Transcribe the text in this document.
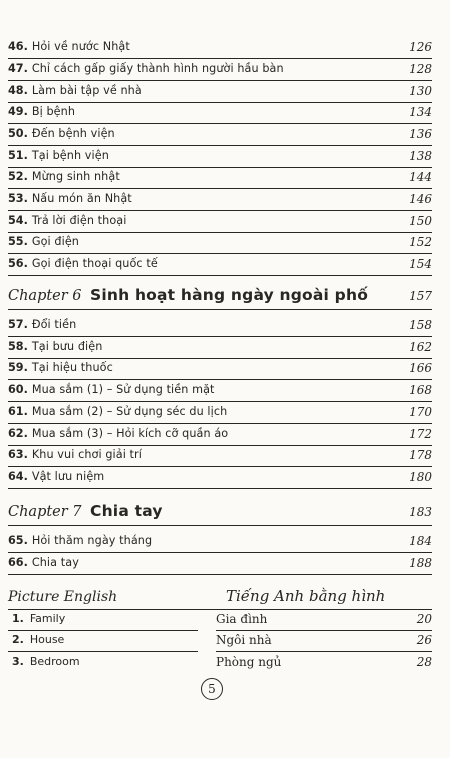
46. Hỏi về nước Nhật	126
47. Chỉ cách gấp giấy thành hình người hầu bàn	128
48. Làm bài tập về nhà	130
49. Bị bệnh	134
50. Đến bệnh viện	136
51. Tại bệnh viện	138
52. Mừng sinh nhật	144
53. Nấu món ăn Nhật	146
54. Trả lời điện thoại	150
55. Gọi điện	152
56. Gọi điện thoại quốc tế	154
Chapter 6 Sinh hoạt hàng ngày ngoài phố	157
57. Đổi tiền	158
58. Tại bưu điện	162
59. Tại hiệu thuốc	166
60. Mua sắm (1) – Sử dụng tiền mặt	168
61. Mua sắm (2) – Sử dụng séc du lịch	170
62. Mua sắm (3) – Hỏi kích cỡ quần áo	172
63. Khu vui chơi giải trí	178
64. Vật lưu niệm	180
Chapter 7 Chia tay	183
65. Hỏi thăm ngày tháng	184
66. Chia tay	188
Picture English	Tiếng Anh bằng hình
1. Family	Gia đình	20
2. House	Ngôi nhà	26
3. Bedroom	Phòng ngủ	28
5
